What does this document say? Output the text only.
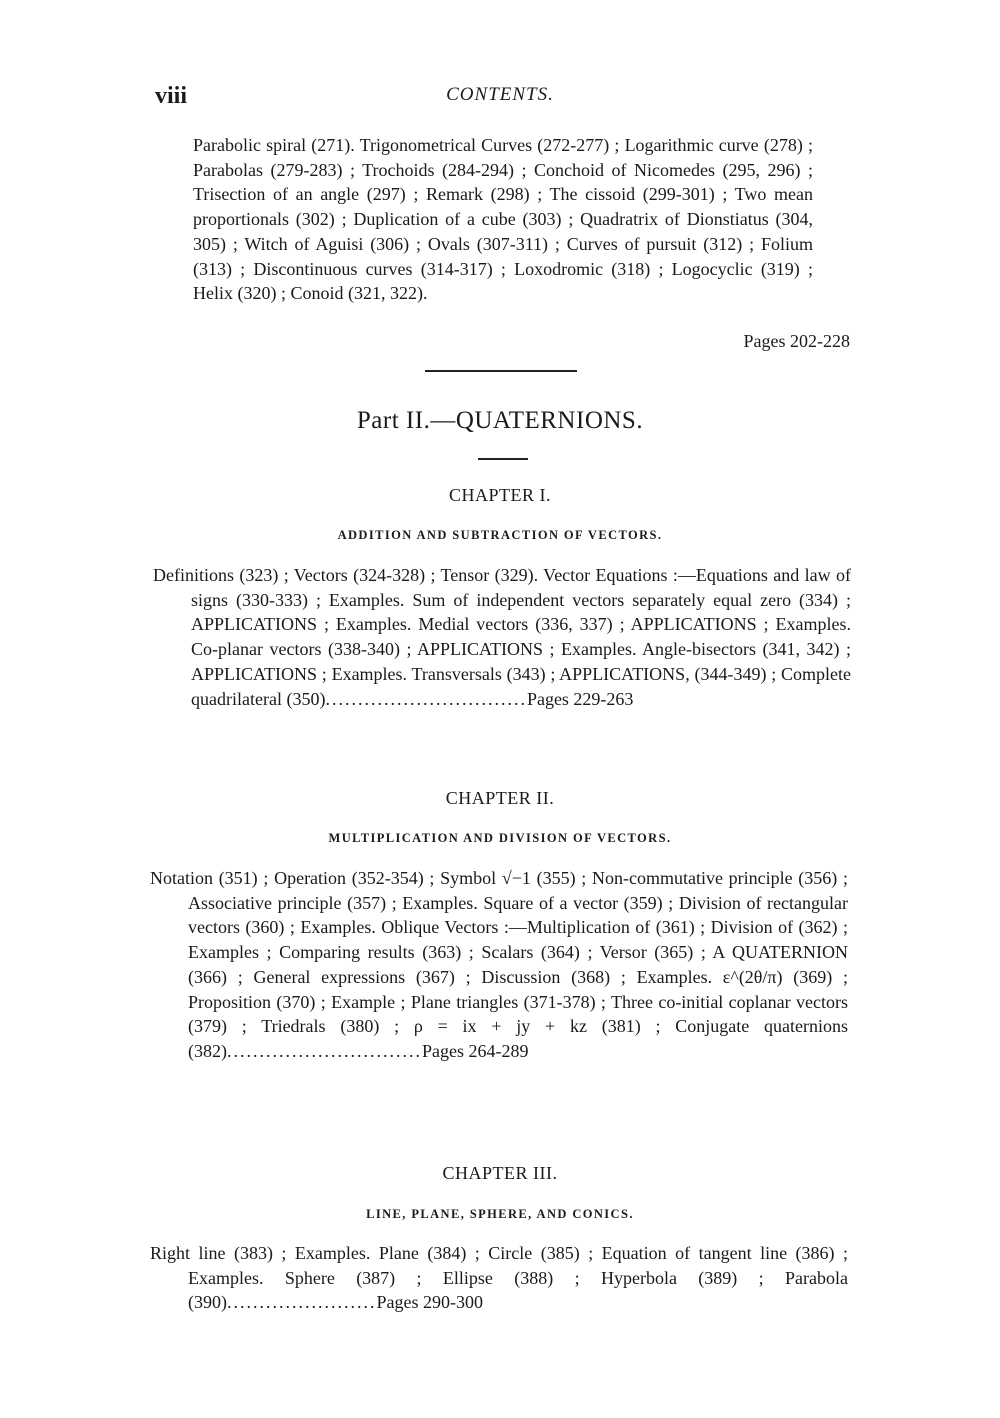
viii	CONTENTS.
Parabolic spiral (271). Trigonometrical Curves (272-277) ; Logarithmic curve (278) ; Parabolas (279-283) ; Trochoids (284-294) ; Conchoid of Nicomedes (295, 296) ; Trisection of an angle (297) ; Remark (298) ; The cissoid (299-301) ; Two mean proportionals (302) ; Duplication of a cube (303) ; Quadratrix of Dionstiatus (304, 305) ; Witch of Aguisi (306) ; Ovals (307-311) ; Curves of pursuit (312) ; Folium (313) ; Discontinuous curves (314-317) ; Loxodromic (318) ; Logocyclic (319) ; Helix (320) ; Conoid (321, 322).
Pages 202-228
Part II.—QUATERNIONS.
CHAPTER I.
ADDITION AND SUBTRACTION OF VECTORS.
Definitions (323) ; Vectors (324-328) ; Tensor (329). Vector Equations :—Equations and law of signs (330-333) ; Examples. Sum of independent vectors separately equal zero (334) ; APPLICATIONS ; Examples. Medial vectors (336, 337) ; APPLICATIONS ; Examples. Co-planar vectors (338-340) ; APPLICATIONS ; Examples. Angle-bisectors (341, 342) ; APPLICATIONS ; Examples. Transversals (343) ; APPLICATIONS, (344-349) ; Complete quadrilateral (350)...............................Pages 229-263
CHAPTER II.
MULTIPLICATION AND DIVISION OF VECTORS.
Notation (351) ; Operation (352-354) ; Symbol √−1 (355) ; Non-commutative principle (356) ; Associative principle (357) ; Examples. Square of a vector (359) ; Division of rectangular vectors (360) ; Examples. Oblique Vectors :—Multiplication of (361) ; Division of (362) ; Examples ; Comparing results (363) ; Scalars (364) ; Versor (365) ; A QUATERNION (366) ; General expressions (367) ; Discussion (368) ; Examples. ε^(2θ/π) (369) ; Proposition (370) ; Example ; Plane triangles (371-378) ; Three co-initial coplanar vectors (379) ; Triedrals (380) ; ρ = ix + jy + kz (381) ; Conjugate quaternions (382)..............................Pages 264-289
CHAPTER III.
LINE, PLANE, SPHERE, AND CONICS.
Right line (383) ; Examples. Plane (384) ; Circle (385) ; Equation of tangent line (386) ; Examples. Sphere (387) ; Ellipse (388) ; Hyperbola (389) ; Parabola (390).......................Pages 290-300
